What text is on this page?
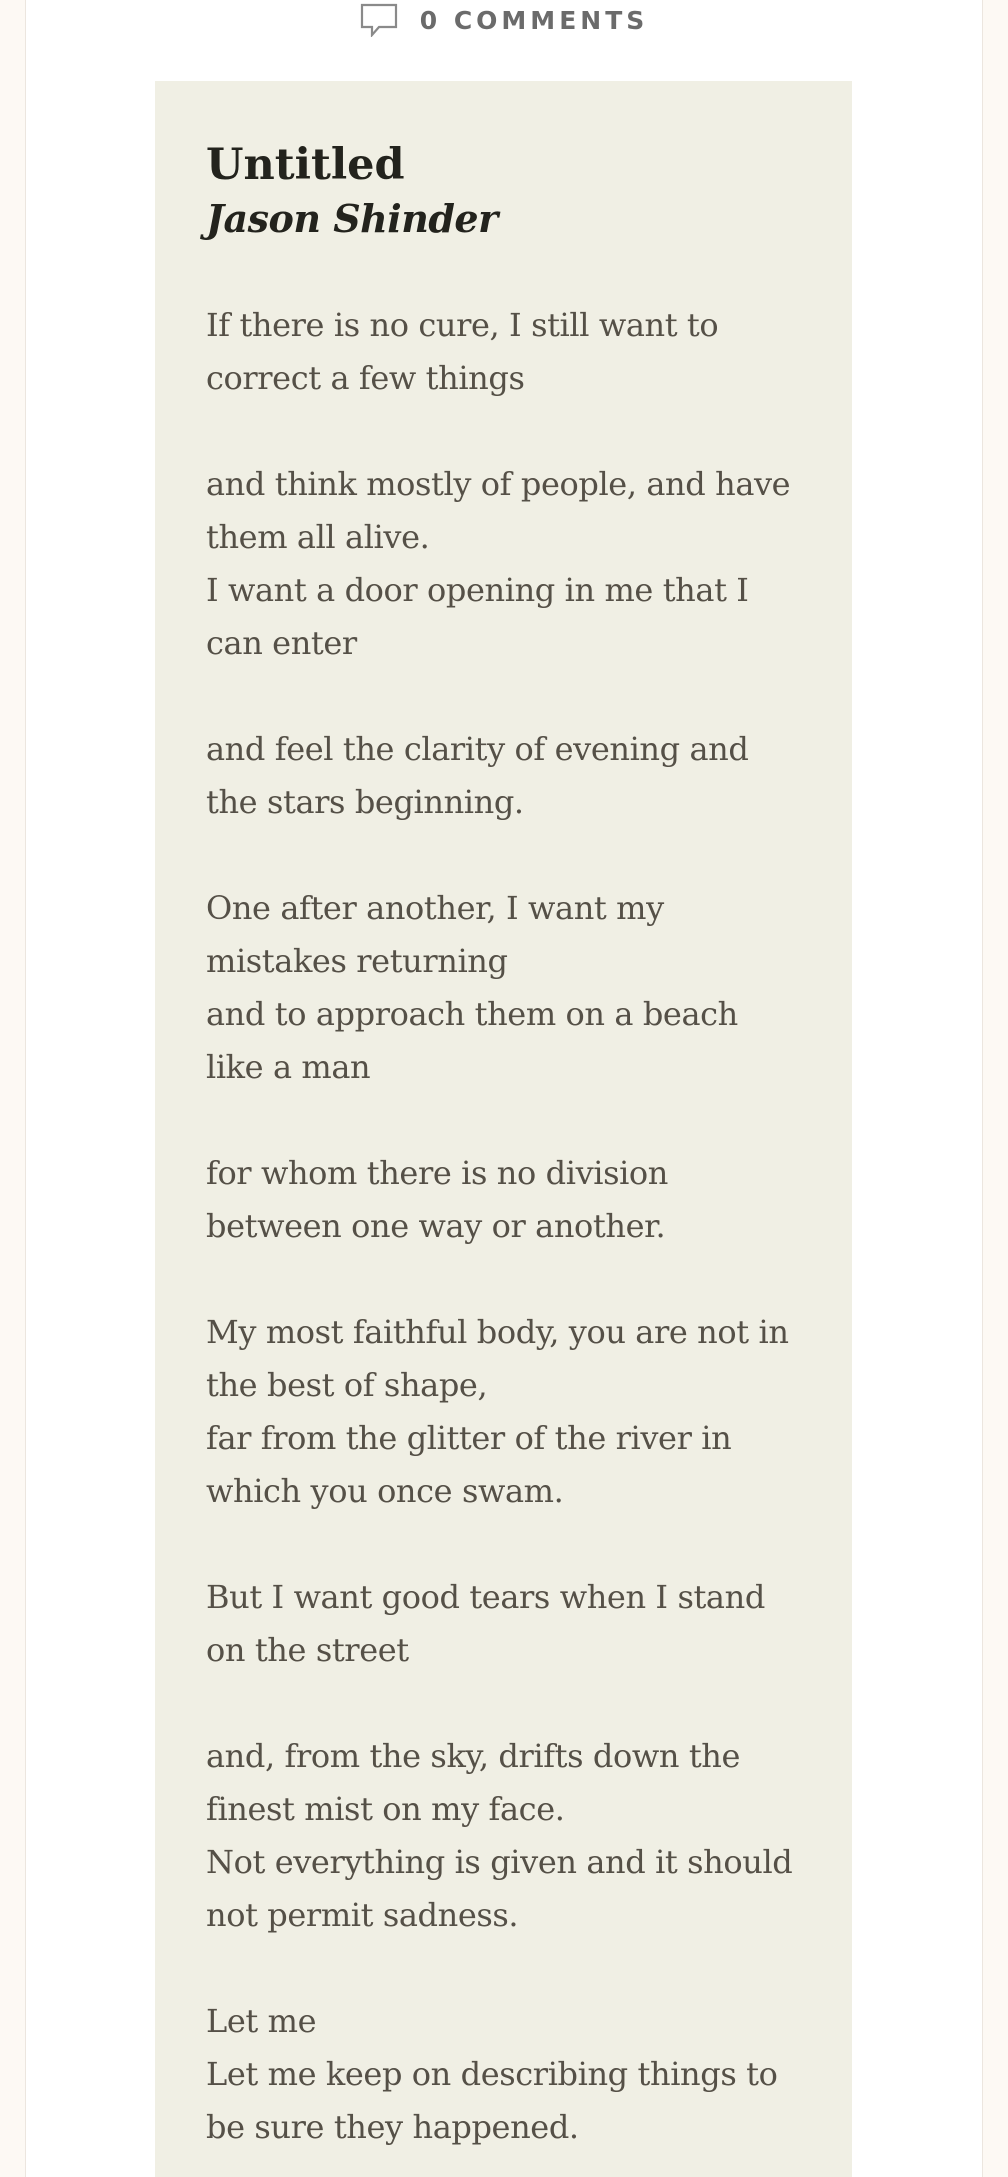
0 COMMENTS
Untitled
Jason Shinder

If there is no cure, I still want to correct a few things

and think mostly of people, and have them all alive.
I want a door opening in me that I can enter

and feel the clarity of evening and the stars beginning.

One after another, I want my mistakes returning
and to approach them on a beach like a man

for whom there is no division between one way or another.

My most faithful body, you are not in the best of shape,
far from the glitter of the river in which you once swam.

But I want good tears when I stand on the street

and, from the sky, drifts down the finest mist on my face.
Not everything is given and it should not permit sadness.

Let me
Let me keep on describing things to be sure they happened.
